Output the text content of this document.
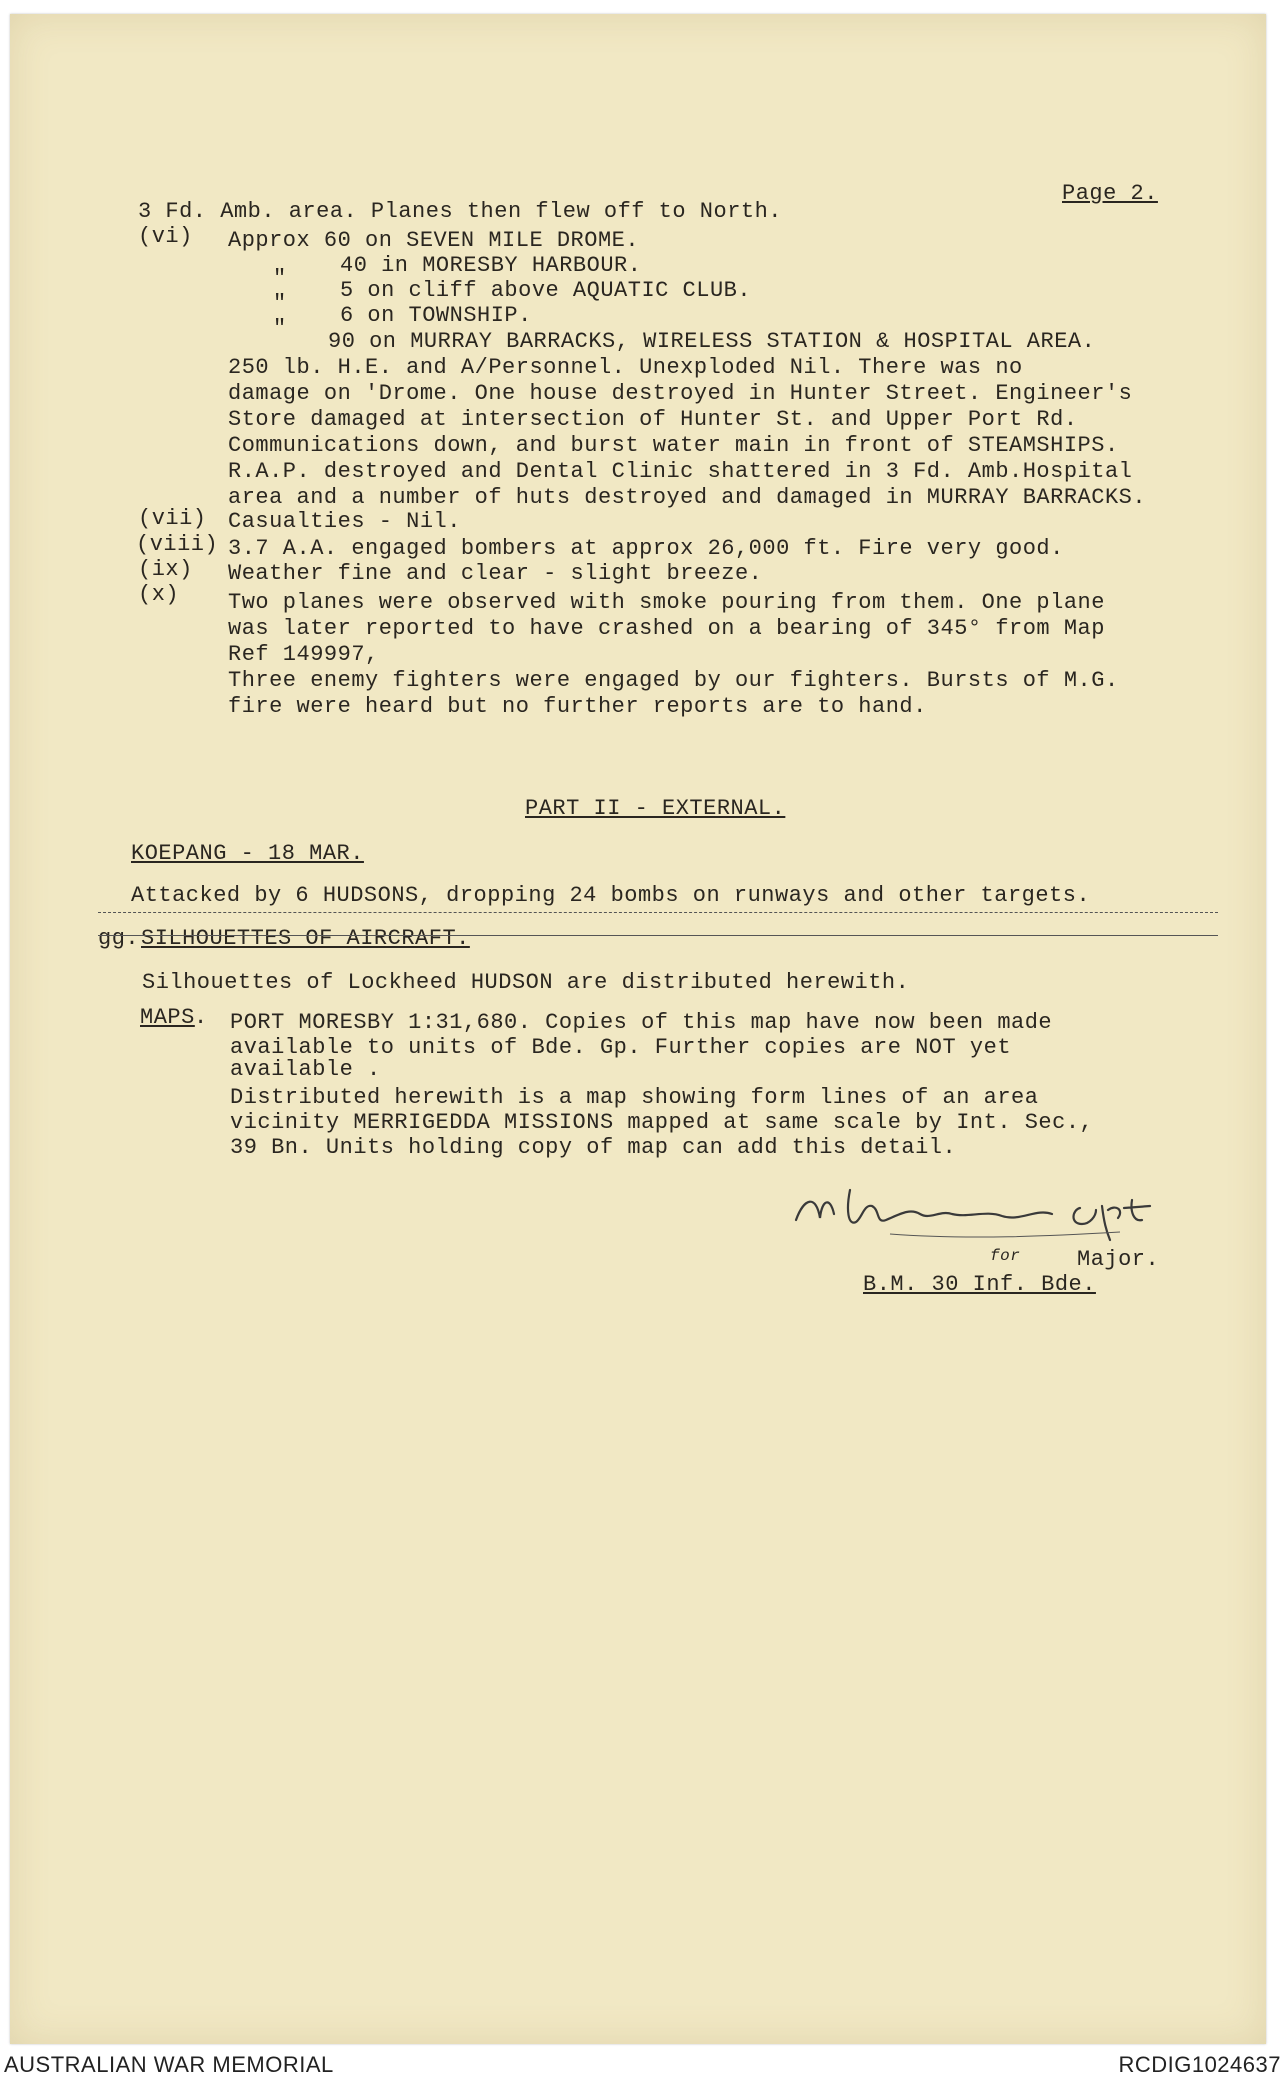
Page 2.
3 Fd. Amb. area. Planes then flew off to North.
(vi) Approx 60 on SEVEN MILE DROME.
40 in MORESBY HARBOUR.
" 5 on cliff above AQUATIC CLUB.
" 6 on TOWNSHIP.
"
90 on MURRAY BARRACKS, WIRELESS STATION & HOSPITAL AREA.
250 lb. H.E. and A/Personnel. Unexploded Nil. There was no
damage on 'Drome. One house destroyed in Hunter Street. Engineer's
Store damaged at intersection of Hunter St. and Upper Port Rd.
Communications down, and burst water main in front of STEAMSHIPS.
R.A.P. destroyed and Dental Clinic shattered in 3 Fd. Amb.Hospital
area and a number of huts destroyed and damaged in MURRAY BARRACKS.
(vii) Casualties - Nil.
(viii) 3.7 A.A. engaged bombers at approx 26,000 ft. Fire very good.
(ix) Weather fine and clear - slight breeze.
(x) Two planes were observed with smoke pouring from them. One plane
was later reported to have crashed on a bearing of 345° from Map
Ref 149997,
Three enemy fighters were engaged by our fighters. Bursts of M.G.
fire were heard but no further reports are to hand.
PART II - EXTERNAL.
KOEPANG - 18 MAR.
Attacked by 6 HUDSONS, dropping 24 bombs on runways and other targets.
gg. SILHOUETTES OF AIRCRAFT.
Silhouettes of Lockheed HUDSON are distributed herewith.
MAPS . PORT MORESBY 1:31,680. Copies of this map have now been made
available to units of Bde. Gp. Further copies are NOT yet
available .
Distributed herewith is a map showing form lines of an area
vicinity MERRIGEDDA MISSIONS mapped at same scale by Int. Sec.,
39 Bn. Units holding copy of map can add this detail.
for	Major.
B.M. 30 Inf. Bde.
AUSTRALIAN WAR MEMORIAL	RCDIG1024637
